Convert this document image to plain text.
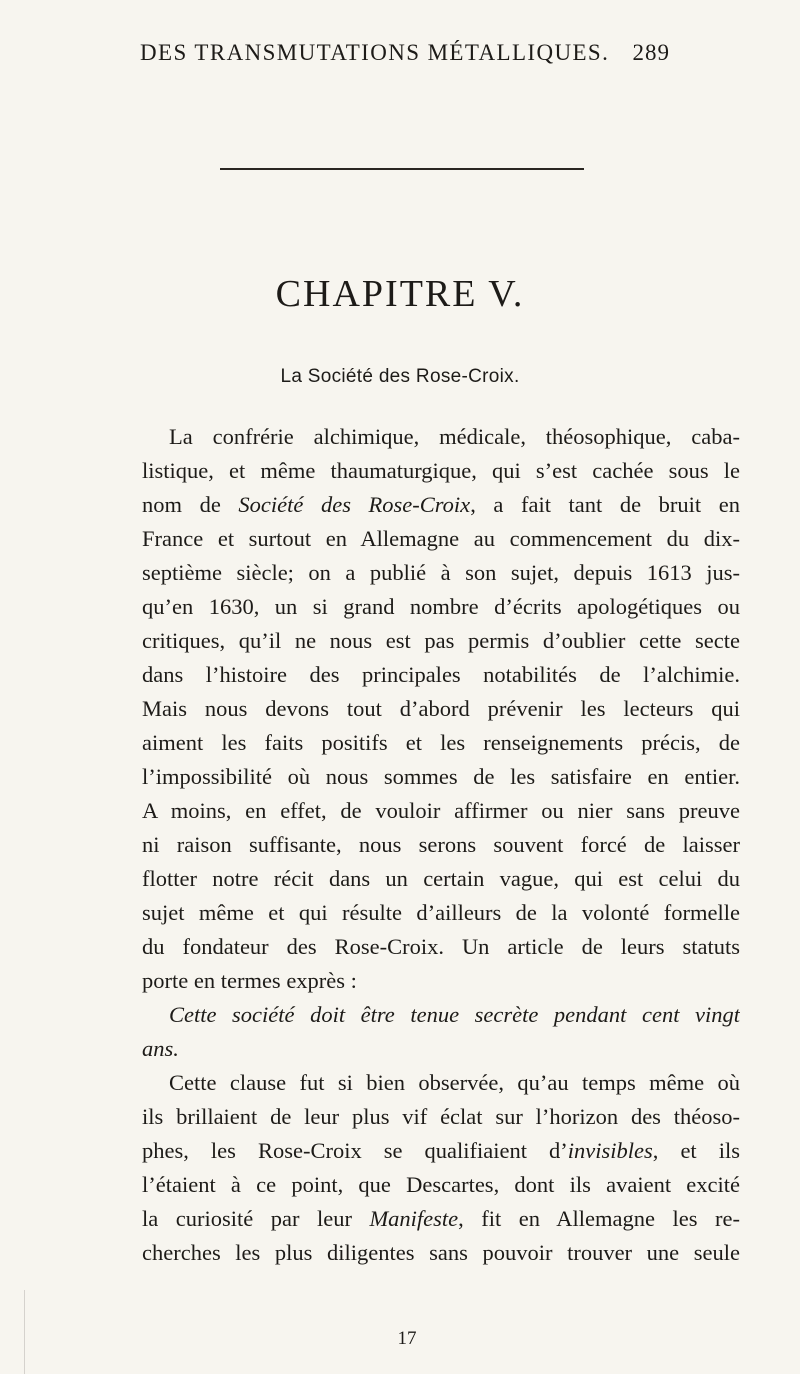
DES TRANSMUTATIONS MÉTALLIQUES. 289
CHAPITRE V.
La Société des Rose-Croix.
La confrérie alchimique, médicale, théosophique, caba-
listique, et même thaumaturgique, qui s’est cachée sous le
nom de Société des Rose-Croix, a fait tant de bruit en
France et surtout en Allemagne au commencement du dix-
septième siècle; on a publié à son sujet, depuis 1613 jus-
qu’en 1630, un si grand nombre d’écrits apologétiques ou
critiques, qu’il ne nous est pas permis d’oublier cette secte
dans l’histoire des principales notabilités de l’alchimie.
Mais nous devons tout d’abord prévenir les lecteurs qui
aiment les faits positifs et les renseignements précis, de
l’impossibilité où nous sommes de les satisfaire en entier.
A moins, en effet, de vouloir affirmer ou nier sans preuve
ni raison suffisante, nous serons souvent forcé de laisser
flotter notre récit dans un certain vague, qui est celui du
sujet même et qui résulte d’ailleurs de la volonté formelle
du fondateur des Rose-Croix. Un article de leurs statuts
porte en termes exprès :
Cette société doit être tenue secrète pendant cent vingt
ans.
Cette clause fut si bien observée, qu’au temps même où
ils brillaient de leur plus vif éclat sur l’horizon des théoso-
phes, les Rose-Croix se qualifiaient d’invisibles, et ils
l’étaient à ce point, que Descartes, dont ils avaient excité
la curiosité par leur Manifeste, fit en Allemagne les re-
cherches les plus diligentes sans pouvoir trouver une seule
17
